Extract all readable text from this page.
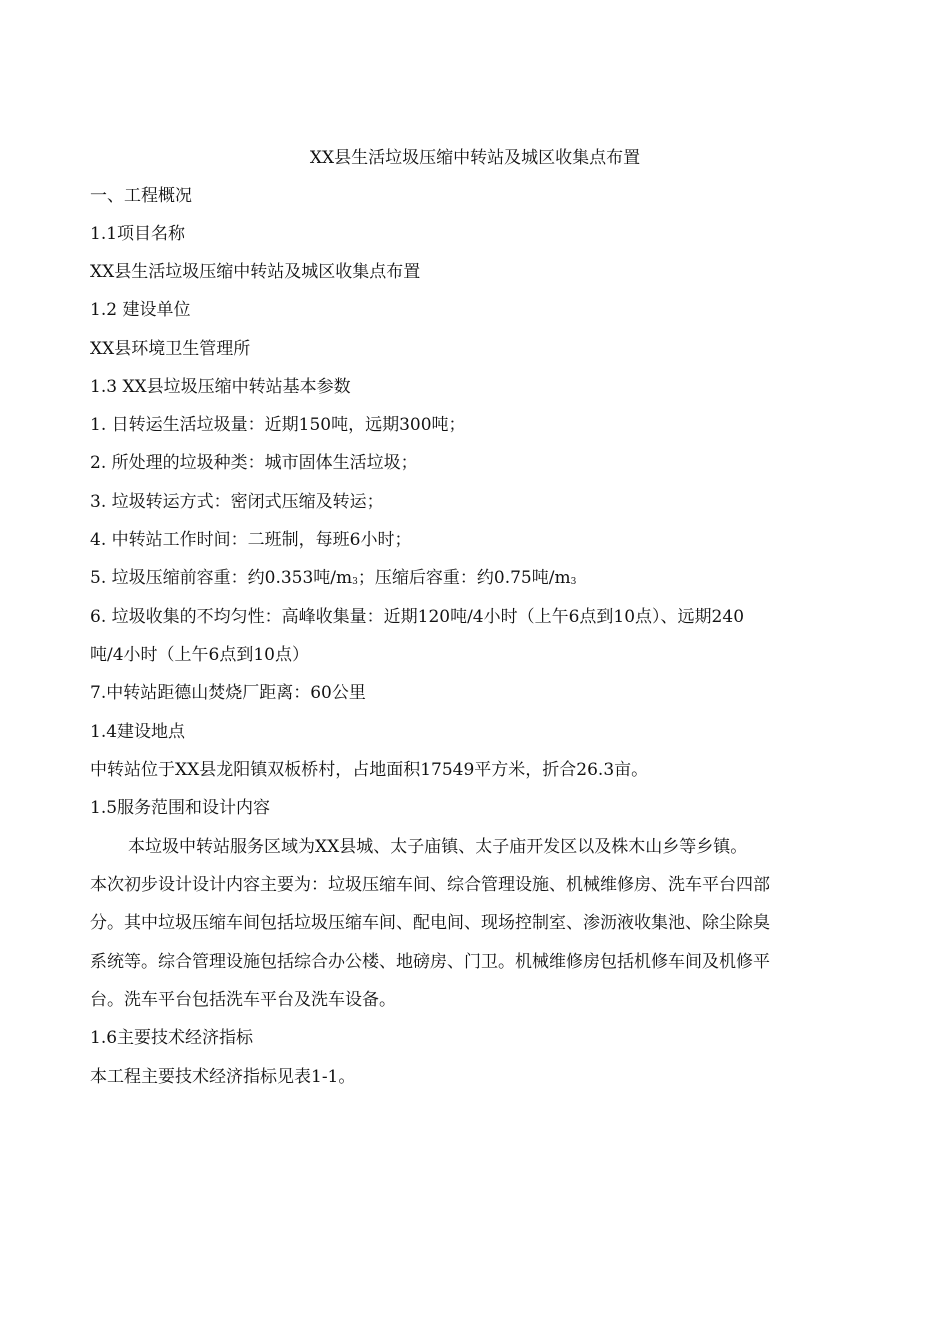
XX县生活垃圾压缩中转站及城区收集点布置
一、工程概况
1.1项目名称
XX县生活垃圾压缩中转站及城区收集点布置
1.2 建设单位
XX县环境卫生管理所
1.3 XX县垃圾压缩中转站基本参数
1. 日转运生活垃圾量：近期150吨，远期300吨；
2. 所处理的垃圾种类：城市固体生活垃圾；
3. 垃圾转运方式：密闭式压缩及转运；
4. 中转站工作时间：二班制，每班6小时；
5. 垃圾压缩前容重：约0.353吨$/m_3$；压缩后容重：约0.75吨$/m_3$
6. 垃圾收集的不均匀性：高峰收集量：近期120吨/4小时（上午6点到10点）、远期240
吨/4小时（上午6点到10点）
7.中转站距德山焚烧厂距离：60公里
1.4建设地点
中转站位于XX县龙阳镇双板桥村，占地面积17549平方米，折合26.3亩。
1.5服务范围和设计内容
本垃圾中转站服务区域为XX县城、太子庙镇、太子庙开发区以及株木山乡等乡镇。
本次初步设计设计内容主要为：垃圾压缩车间、综合管理设施、机械维修房、洗车平台四部
分。其中垃圾压缩车间包括垃圾压缩车间、配电间、现场控制室、渗沥液收集池、除尘除臭
系统等。综合管理设施包括综合办公楼、地磅房、门卫。机械维修房包括机修车间及机修平
台。洗车平台包括洗车平台及洗车设备。
1.6主要技术经济指标
本工程主要技术经济指标见表1-1。
